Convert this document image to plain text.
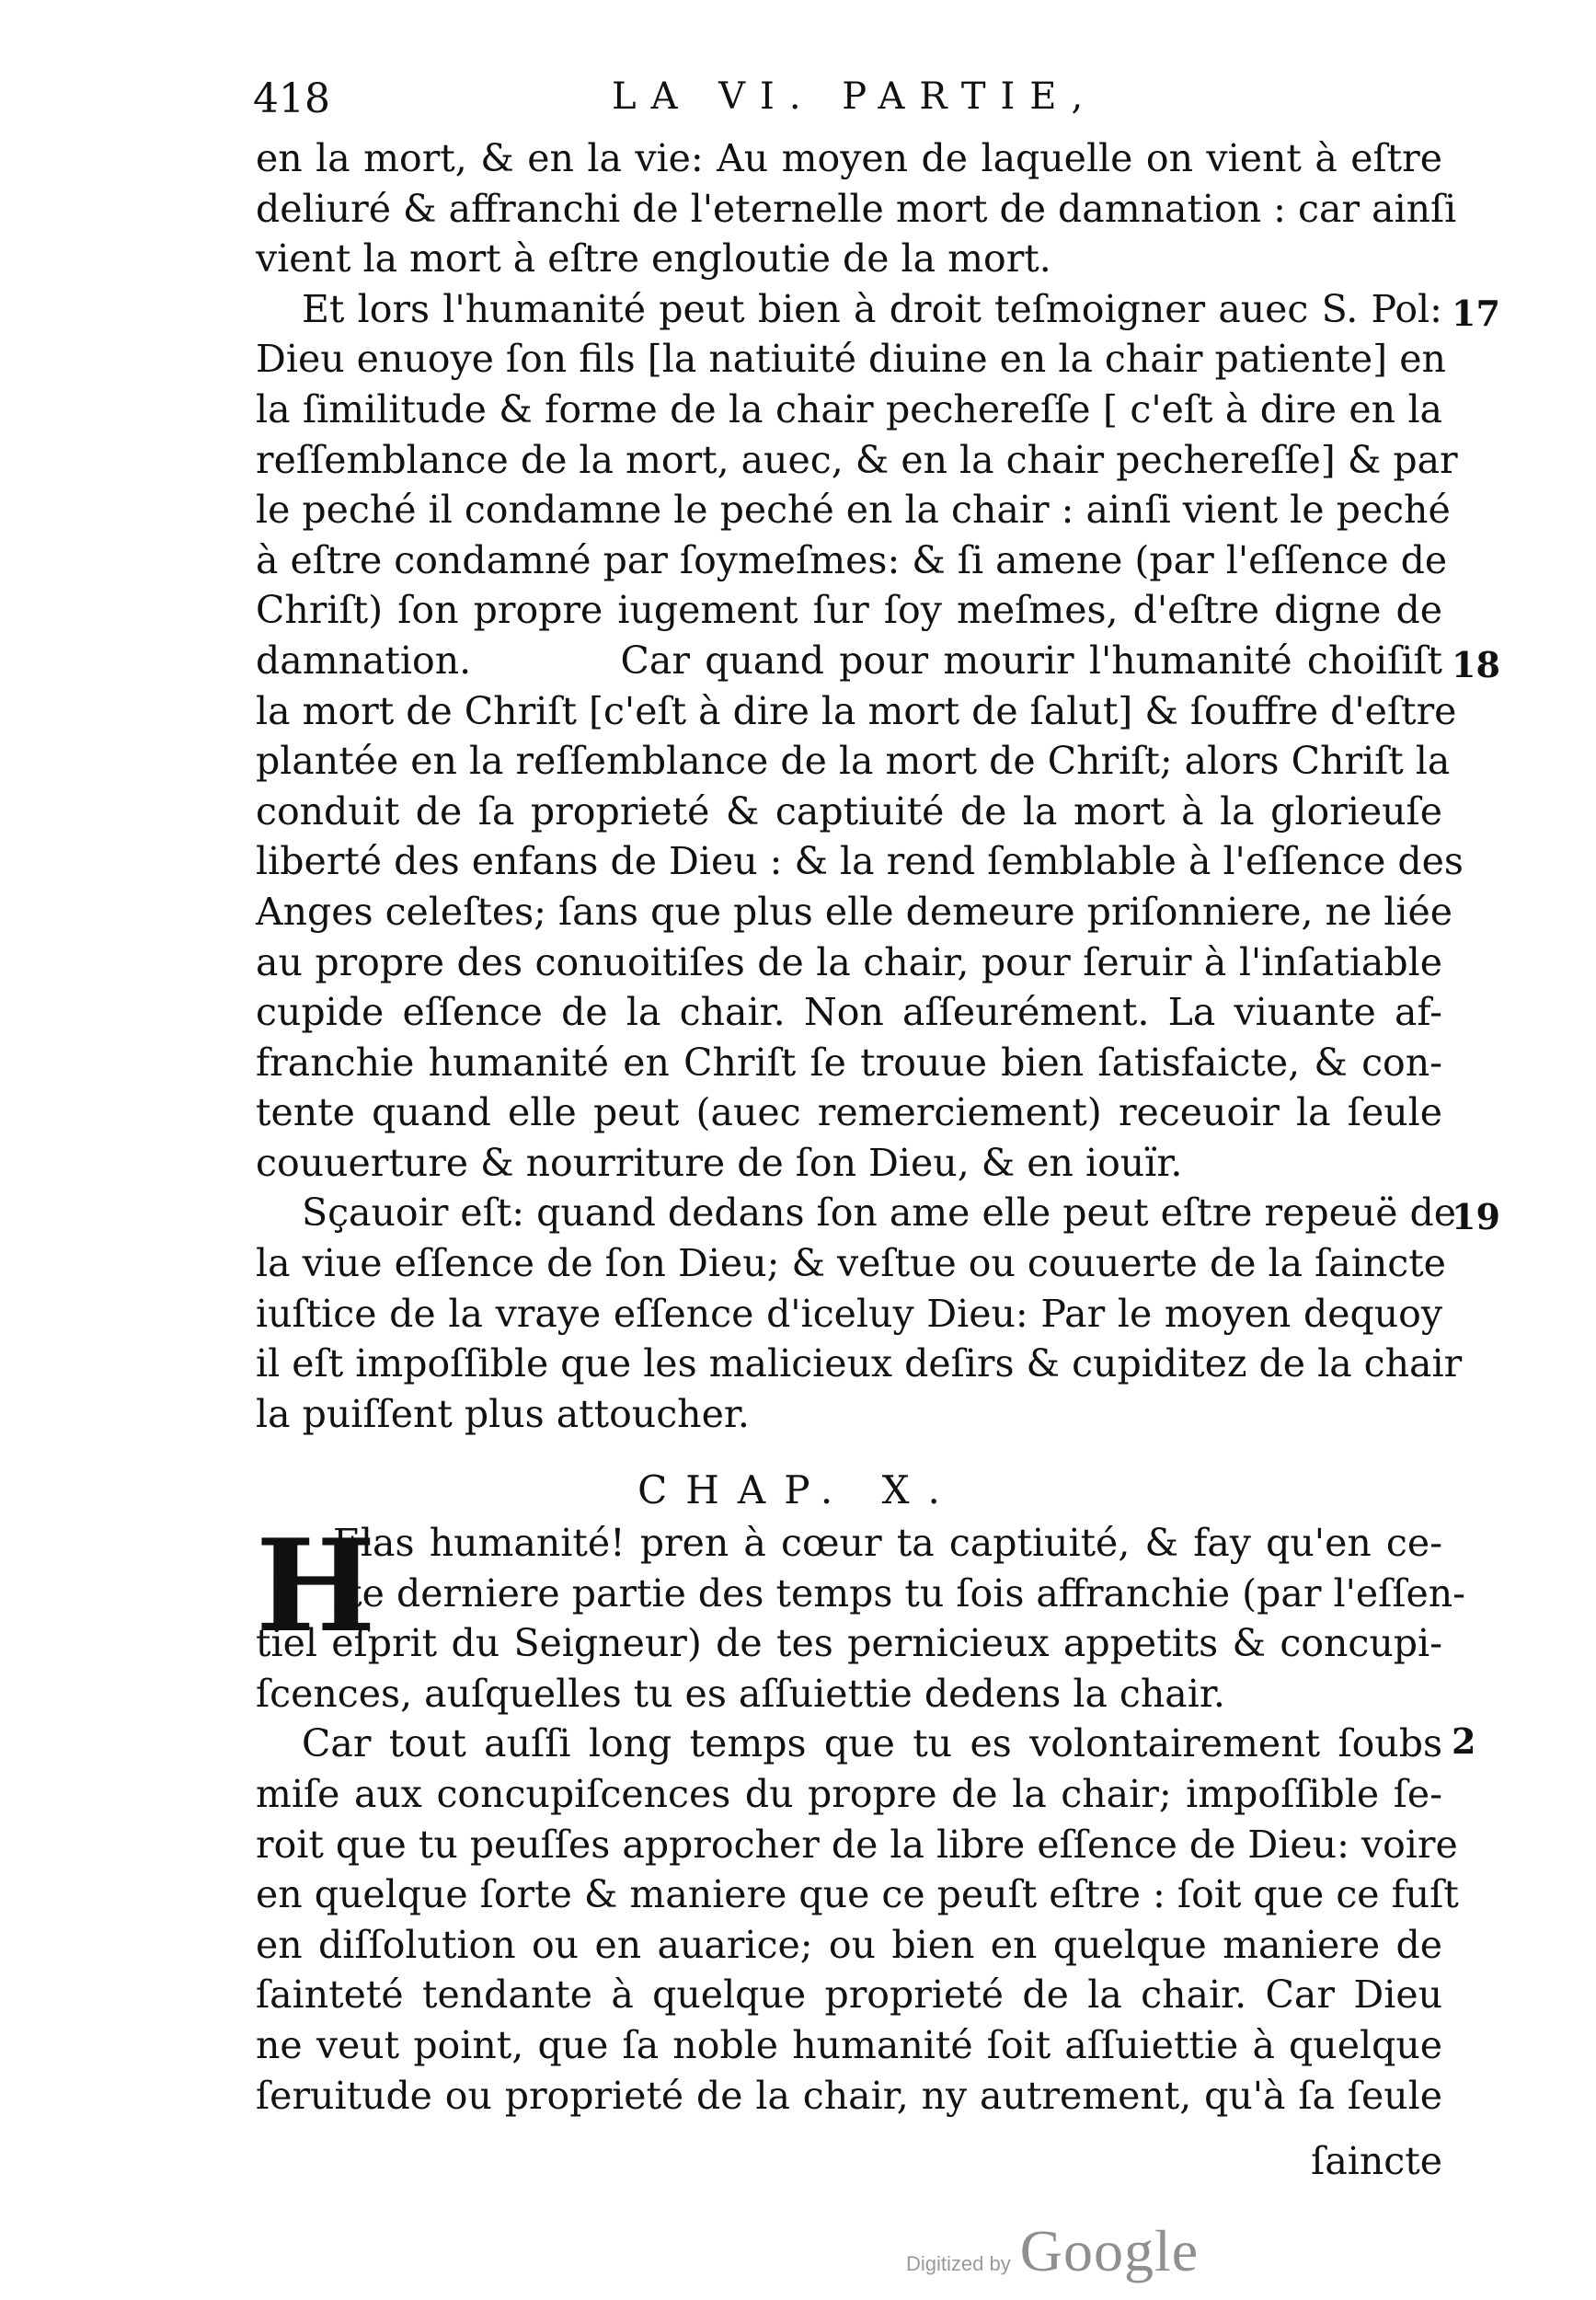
418	LA VI. PARTIE,
en la mort, & en la vie: Au moyen de laquelle on vient à eſtre
deliuré & affranchi de l'eternelle mort de damnation : car ainſi
vient la mort à eſtre engloutie de la mort.
Et lors l'humanité peut bien à droit teſmoigner auec S. Pol:
Dieu enuoye ſon fils [la natiuité diuine en la chair patiente] en
la ſimilitude & forme de la chair pechereſſe [ c'eſt à dire en la
reſſemblance de la mort, auec, & en la chair pechereſſe] & par
le peché il condamne le peché en la chair : ainſi vient le peché
à eſtre condamné par ſoymeſmes: & ſi amene (par l'eſſence de
Chriſt) ſon propre iugement ſur ſoy meſmes, d'eſtre digne de
damnation.          Car quand pour mourir l'humanité choiſiſt
la mort de Chriſt [c'eſt à dire la mort de ſalut] & ſouffre d'eſtre
plantée en la reſſemblance de la mort de Chriſt; alors Chriſt la
conduit de ſa proprieté & captiuité de la mort à la glorieuſe
liberté des enfans de Dieu : & la rend ſemblable à l'eſſence des
Anges celeſtes; ſans que plus elle demeure priſonniere, ne liée
au propre des conuoitiſes de la chair, pour ſeruir à l'inſatiable
cupide eſſence de la chair. Non aſſeurément. La viuante af-
franchie humanité en Chriſt ſe trouue bien ſatisfaicte, & con-
tente quand elle peut (auec remerciement) receuoir la ſeule
couuerture & nourriture de ſon Dieu, & en iouïr.
Sçauoir eſt: quand dedans ſon ame elle peut eſtre repeuë de
la viue eſſence de ſon Dieu; & veſtue ou couuerte de la ſaincte
iuſtice de la vraye eſſence d'iceluy Dieu: Par le moyen dequoy
il eſt impoſſible que les malicieux deſirs & cupiditez de la chair
la puiſſent plus attoucher.
17
18
19
2
CHAP. X.
H
Elas humanité! pren à cœur ta captiuité, & fay qu'en ce-
ſte derniere partie des temps tu ſois affranchie (par l'eſſen-
tiel eſprit du Seigneur) de tes pernicieux appetits & concupi-
ſcences, auſquelles tu es aſſuiettie dedens la chair.
Car tout auſſi long temps que tu es volontairement ſoubs
miſe aux concupiſcences du propre de la chair; impoſſible ſe-
roit que tu peuſſes approcher de la libre eſſence de Dieu: voire
en quelque ſorte & maniere que ce peuſt eſtre : ſoit que ce fuſt
en diſſolution ou en auarice; ou bien en quelque maniere de
ſainteté tendante à quelque proprieté de la chair. Car Dieu
ne veut point, que ſa noble humanité ſoit aſſuiettie à quelque
ſeruitude ou proprieté de la chair, ny autrement, qu'à ſa ſeule
ſaincte
Digitized by Google
